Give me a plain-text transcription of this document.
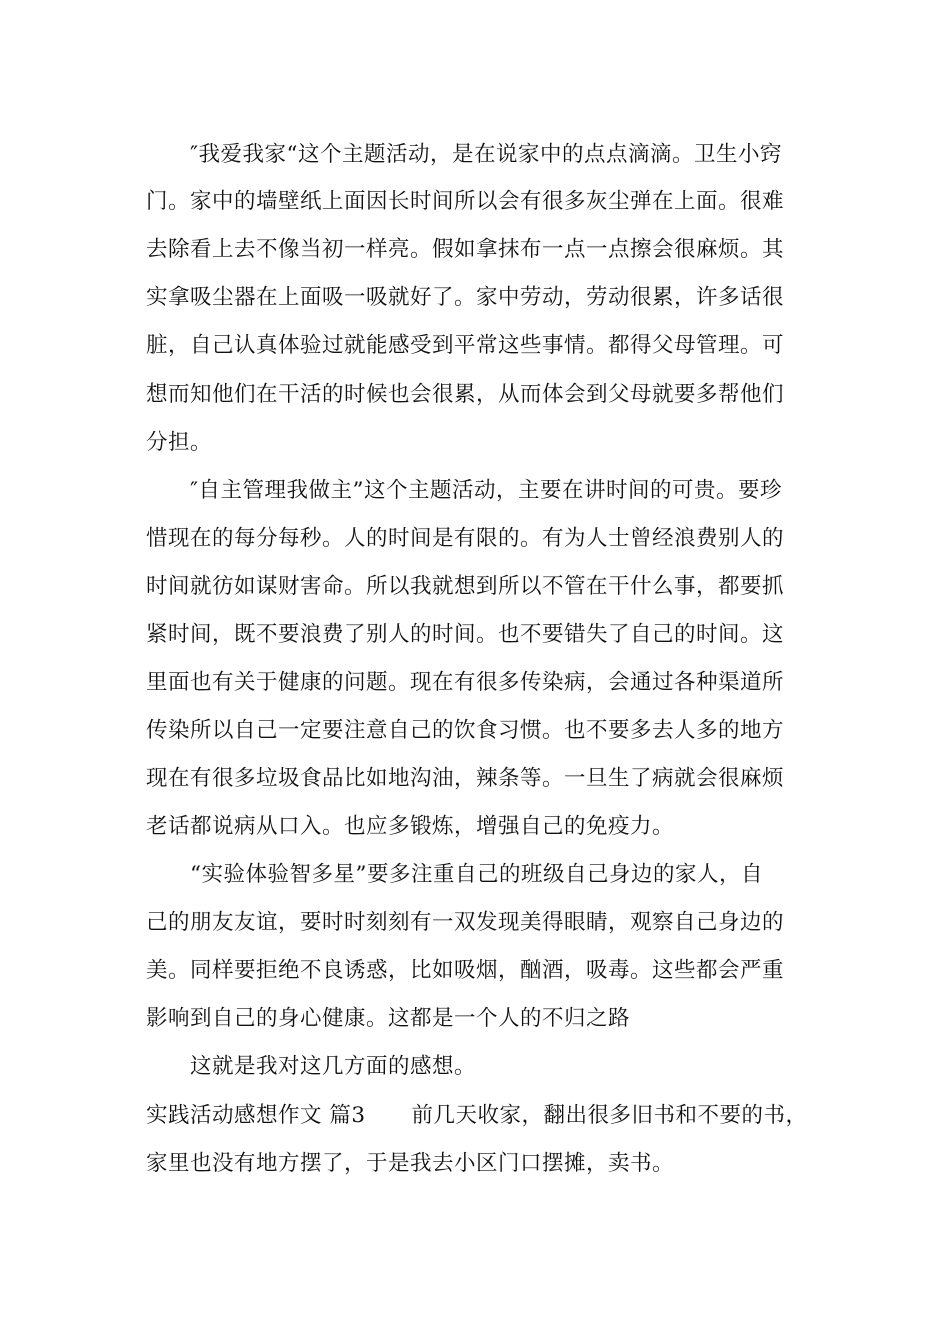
″我爱我家“这个主题活动，是在说家中的点点滴滴。卫生小窍
门。家中的墙壁纸上面因长时间所以会有很多灰尘弹在上面。很难
去除看上去不像当初一样亮。假如拿抹布一点一点擦会很麻烦。其
实拿吸尘器在上面吸一吸就好了。家中劳动，劳动很累，许多话很
脏，自己认真体验过就能感受到平常这些事情。都得父母管理。可
想而知他们在干活的时候也会很累，从而体会到父母就要多帮他们
分担。
″自主管理我做主”这个主题活动，主要在讲时间的可贵。要珍
惜现在的每分每秒。人的时间是有限的。有为人士曾经浪费别人的
时间就彷如谋财害命。所以我就想到所以不管在干什么事，都要抓
紧时间，既不要浪费了别人的时间。也不要错失了自己的时间。这
里面也有关于健康的问题。现在有很多传染病，会通过各种渠道所
传染所以自己一定要注意自己的饮食习惯。也不要多去人多的地方
现在有很多垃圾食品比如地沟油，辣条等。一旦生了病就会很麻烦
老话都说病从口入。也应多锻炼，增强自己的免疫力。
“实验体验智多星”要多注重自己的班级自己身边的家人，自
己的朋友友谊，要时时刻刻有一双发现美得眼睛，观察自己身边的
美。同样要拒绝不良诱惑，比如吸烟，酗酒，吸毒。这些都会严重
影响到自己的身心健康。这都是一个人的不归之路
这就是我对这几方面的感想。
实践活动感想作文 篇3 前几天收家，翻出很多旧书和不要的书，
家里也没有地方摆了，于是我去小区门口摆摊，卖书。
